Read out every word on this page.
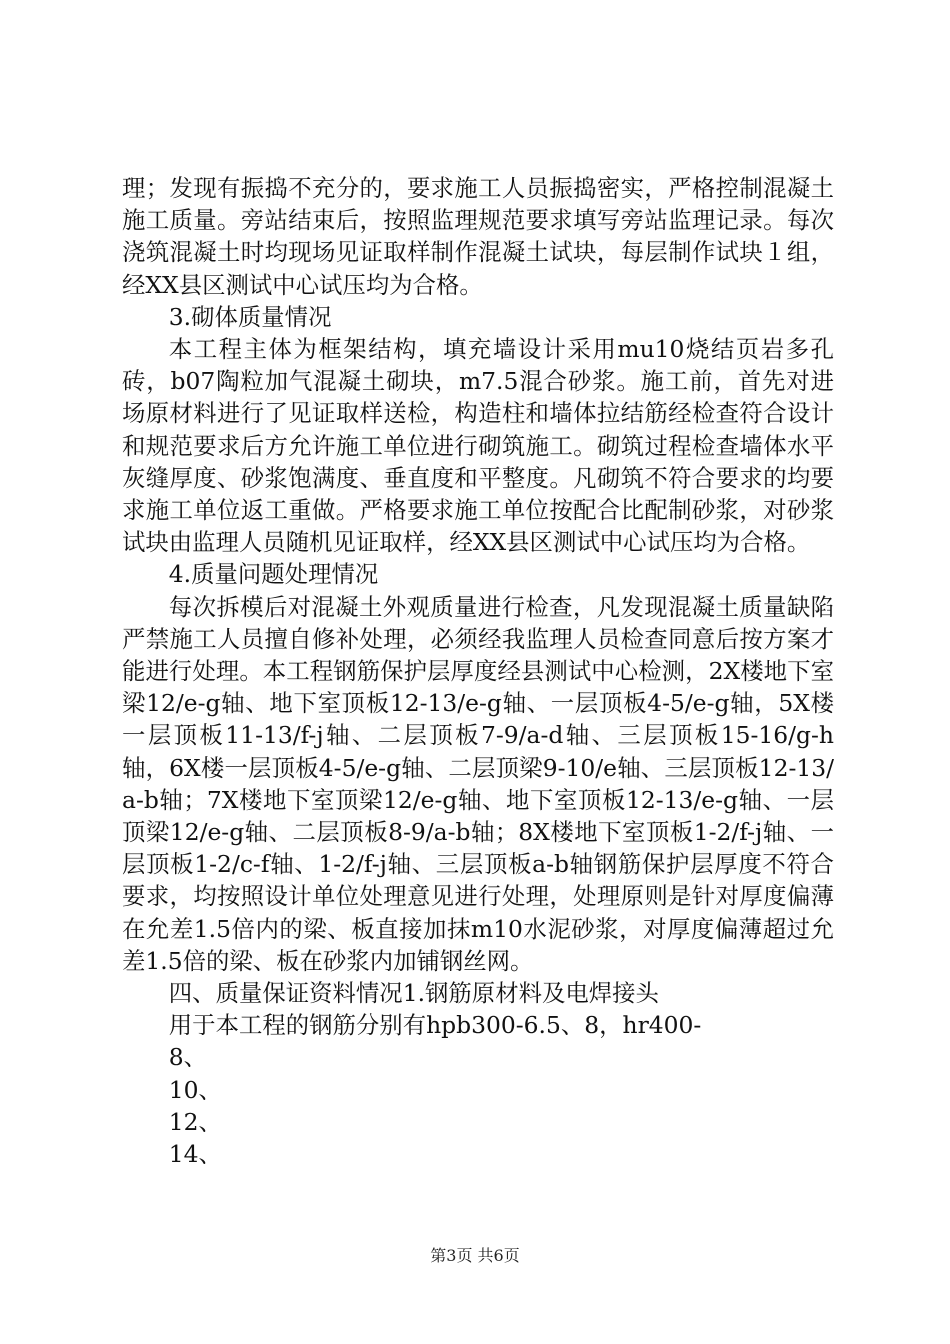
理；发现有振捣不充分的，要求施工人员振捣密实，严格控制混凝土施工质量。旁站结束后，按照监理规范要求填写旁站监理记录。每次浇筑混凝土时均现场见证取样制作混凝土试块，每层制作试块１组，经XX县区测试中心试压均为合格。

3.砌体质量情况

本工程主体为框架结构，填充墙设计采用mu10烧结页岩多孔砖，b07陶粒加气混凝土砌块，m7.5混合砂浆。施工前，首先对进场原材料进行了见证取样送检，构造柱和墙体拉结筋经检查符合设计和规范要求后方允许施工单位进行砌筑施工。砌筑过程检查墙体水平灰缝厚度、砂浆饱满度、垂直度和平整度。凡砌筑不符合要求的均要求施工单位返工重做。严格要求施工单位按配合比配制砂浆，对砂浆试块由监理人员随机见证取样，经XX县区测试中心试压均为合格。

4.质量问题处理情况

每次拆模后对混凝土外观质量进行检查，凡发现混凝土质量缺陷严禁施工人员擅自修补处理，必须经我监理人员检查同意后按方案才能进行处理。本工程钢筋保护层厚度经县测试中心检测，2X楼地下室梁12/e-g轴、地下室顶板12-13/e-g轴、一层顶板4-5/e-g轴，5X楼一层顶板11-13/f-j轴、二层顶板7-9/a-d轴、三层顶板15-16/g-h轴，6X楼一层顶板4-5/e-g轴、二层顶梁9-10/e轴、三层顶板12-13/a-b轴；7X楼地下室顶梁12/e-g轴、地下室顶板12-13/e-g轴、一层顶梁12/e-g轴、二层顶板8-9/a-b轴；8X楼地下室顶板1-2/f-j轴、一层顶板1-2/c-f轴、1-2/f-j轴、三层顶板a-b轴钢筋保护层厚度不符合要求，均按照设计单位处理意见进行处理，处理原则是针对厚度偏薄在允差1.5倍内的梁、板直接加抹m10水泥砂浆，对厚度偏薄超过允差1.5倍的梁、板在砂浆内加铺钢丝网。

四、质量保证资料情况1.钢筋原材料及电焊接头

用于本工程的钢筋分别有hpb300-6.5、8，hr400-

8、

10、

12、

14、

第3页 共6页
